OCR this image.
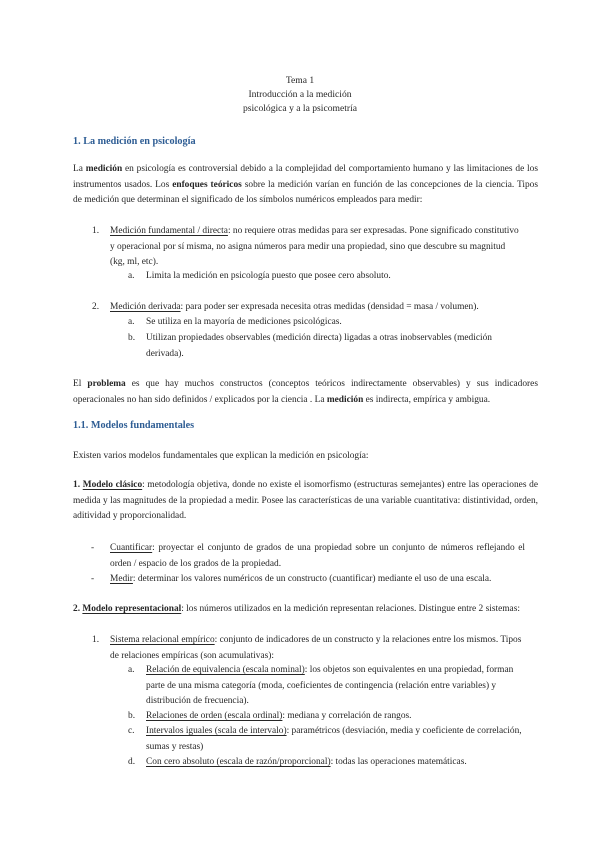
Tema 1
Introducción a la medición
psicológica y a la psicometría
1. La medición en psicología
La medición en psicología es controversial debido a la complejidad del comportamiento humano y las limitaciones de los instrumentos usados. Los enfoques teóricos sobre la medición varían en función de las concepciones de la ciencia. Tipos de medición que determinan el significado de los símbolos numéricos empleados para medir:
1. Medición fundamental / directa: no requiere otras medidas para ser expresadas. Pone significado constitutivo y operacional por sí misma, no asigna números para medir una propiedad, sino que descubre su magnitud (kg, ml, etc).
a. Limita la medición en psicología puesto que posee cero absoluto.
2. Medición derivada: para poder ser expresada necesita otras medidas (densidad = masa / volumen).
a. Se utiliza en la mayoría de mediciones psicológicas.
b. Utilizan propiedades observables (medición directa) ligadas a otras inobservables (medición derivada).
El problema es que hay muchos constructos (conceptos teóricos indirectamente observables) y sus indicadores operacionales no han sido definidos / explicados por la ciencia . La medición es indirecta, empírica y ambigua.
1.1. Modelos fundamentales
Existen varios modelos fundamentales que explican la medición en psicología:
1. Modelo clásico: metodología objetiva, donde no existe el isomorfismo (estructuras semejantes) entre las operaciones de medida y las magnitudes de la propiedad a medir. Posee las características de una variable cuantitativa: distintividad, orden, aditividad y proporcionalidad.
- Cuantificar: proyectar el conjunto de grados de una propiedad sobre un conjunto de números reflejando el orden / espacio de los grados de la propiedad.
- Medir: determinar los valores numéricos de un constructo (cuantificar) mediante el uso de una escala.
2. Modelo representacional: los números utilizados en la medición representan relaciones. Distingue entre 2 sistemas:
1. Sistema relacional empírico: conjunto de indicadores de un constructo y la relaciones entre los mismos. Tipos de relaciones empíricas (son acumulativas):
a. Relación de equivalencia (escala nominal): los objetos son equivalentes en una propiedad, forman parte de una misma categoría (moda, coeficientes de contingencia (relación entre variables) y distribución de frecuencia).
b. Relaciones de orden (escala ordinal): mediana y correlación de rangos.
c. Intervalos iguales (scala de intervalo): paramétricos (desviación, media y coeficiente de correlación, sumas y restas)
d. Con cero absoluto (escala de razón/proporcional): todas las operaciones matemáticas.
